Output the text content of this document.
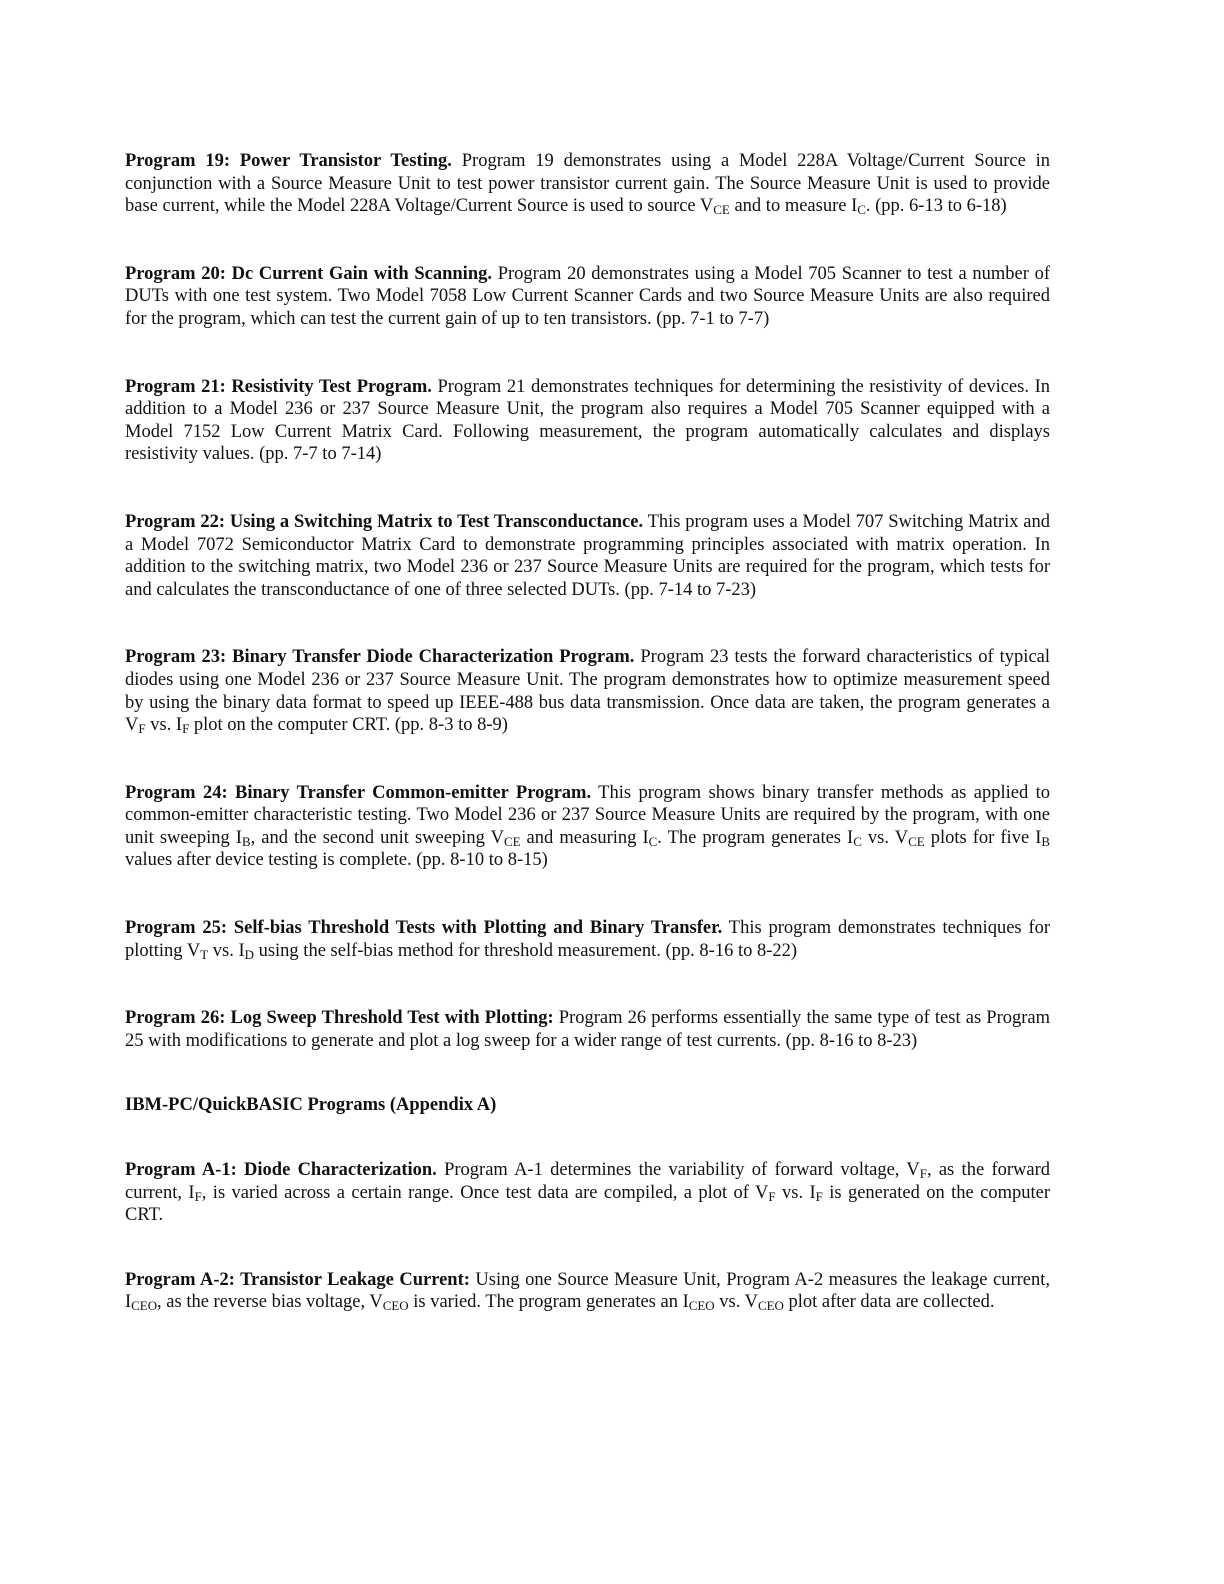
Program 19: Power Transistor Testing. Program 19 demonstrates using a Model 228A Voltage/Current Source in conjunction with a Source Measure Unit to test power transistor current gain. The Source Measure Unit is used to provide base current, while the Model 228A Voltage/Current Source is used to source $V_{CE}$ and to measure $I_C$. (pp. 6-13 to 6-18)

Program 20: Dc Current Gain with Scanning. Program 20 demonstrates using a Model 705 Scanner to test a number of DUTs with one test system. Two Model 7058 Low Current Scanner Cards and two Source Measure Units are also required for the program, which can test the current gain of up to ten transistors. (pp. 7-1 to 7-7)

Program 21: Resistivity Test Program. Program 21 demonstrates techniques for determining the resistivity of devices. In addition to a Model 236 or 237 Source Measure Unit, the program also requires a Model 705 Scanner equipped with a Model 7152 Low Current Matrix Card. Following measurement, the program automatically calculates and displays resistivity values. (pp. 7-7 to 7-14)

Program 22: Using a Switching Matrix to Test Transconductance. This program uses a Model 707 Switching Matrix and a Model 7072 Semiconductor Matrix Card to demonstrate programming principles associated with matrix operation. In addition to the switching matrix, two Model 236 or 237 Source Measure Units are required for the program, which tests for and calculates the transconductance of one of three selected DUTs. (pp. 7-14 to 7-23)

Program 23: Binary Transfer Diode Characterization Program. Program 23 tests the forward characteristics of typical diodes using one Model 236 or 237 Source Measure Unit. The program demonstrates how to optimize measurement speed by using the binary data format to speed up IEEE-488 bus data transmission. Once data are taken, the program generates a $V_F$ vs. $I_F$ plot on the computer CRT. (pp. 8-3 to 8-9)

Program 24: Binary Transfer Common-emitter Program. This program shows binary transfer methods as applied to common-emitter characteristic testing. Two Model 236 or 237 Source Measure Units are required by the program, with one unit sweeping $I_B$, and the second unit sweeping $V_{CE}$ and measuring $I_C$. The program generates $I_C$ vs. $V_{CE}$ plots for five $I_B$ values after device testing is complete. (pp. 8-10 to 8-15)

Program 25: Self-bias Threshold Tests with Plotting and Binary Transfer. This program demonstrates techniques for plotting $V_T$ vs. $I_D$ using the self-bias method for threshold measurement. (pp. 8-16 to 8-22)

Program 26: Log Sweep Threshold Test with Plotting: Program 26 performs essentially the same type of test as Program 25 with modifications to generate and plot a log sweep for a wider range of test currents. (pp. 8-16 to 8-23)

IBM-PC/QuickBASIC Programs (Appendix A)

Program A-1: Diode Characterization. Program A-1 determines the variability of forward voltage, $V_F$, as the forward current, $I_F$, is varied across a certain range. Once test data are compiled, a plot of $V_F$ vs. $I_F$ is generated on the computer CRT.

Program A-2: Transistor Leakage Current: Using one Source Measure Unit, Program A-2 measures the leakage current, $I_{CEO}$, as the reverse bias voltage, $V_{CEO}$ is varied. The program generates an $I_{CEO}$ vs. $V_{CEO}$ plot after data are collected.
